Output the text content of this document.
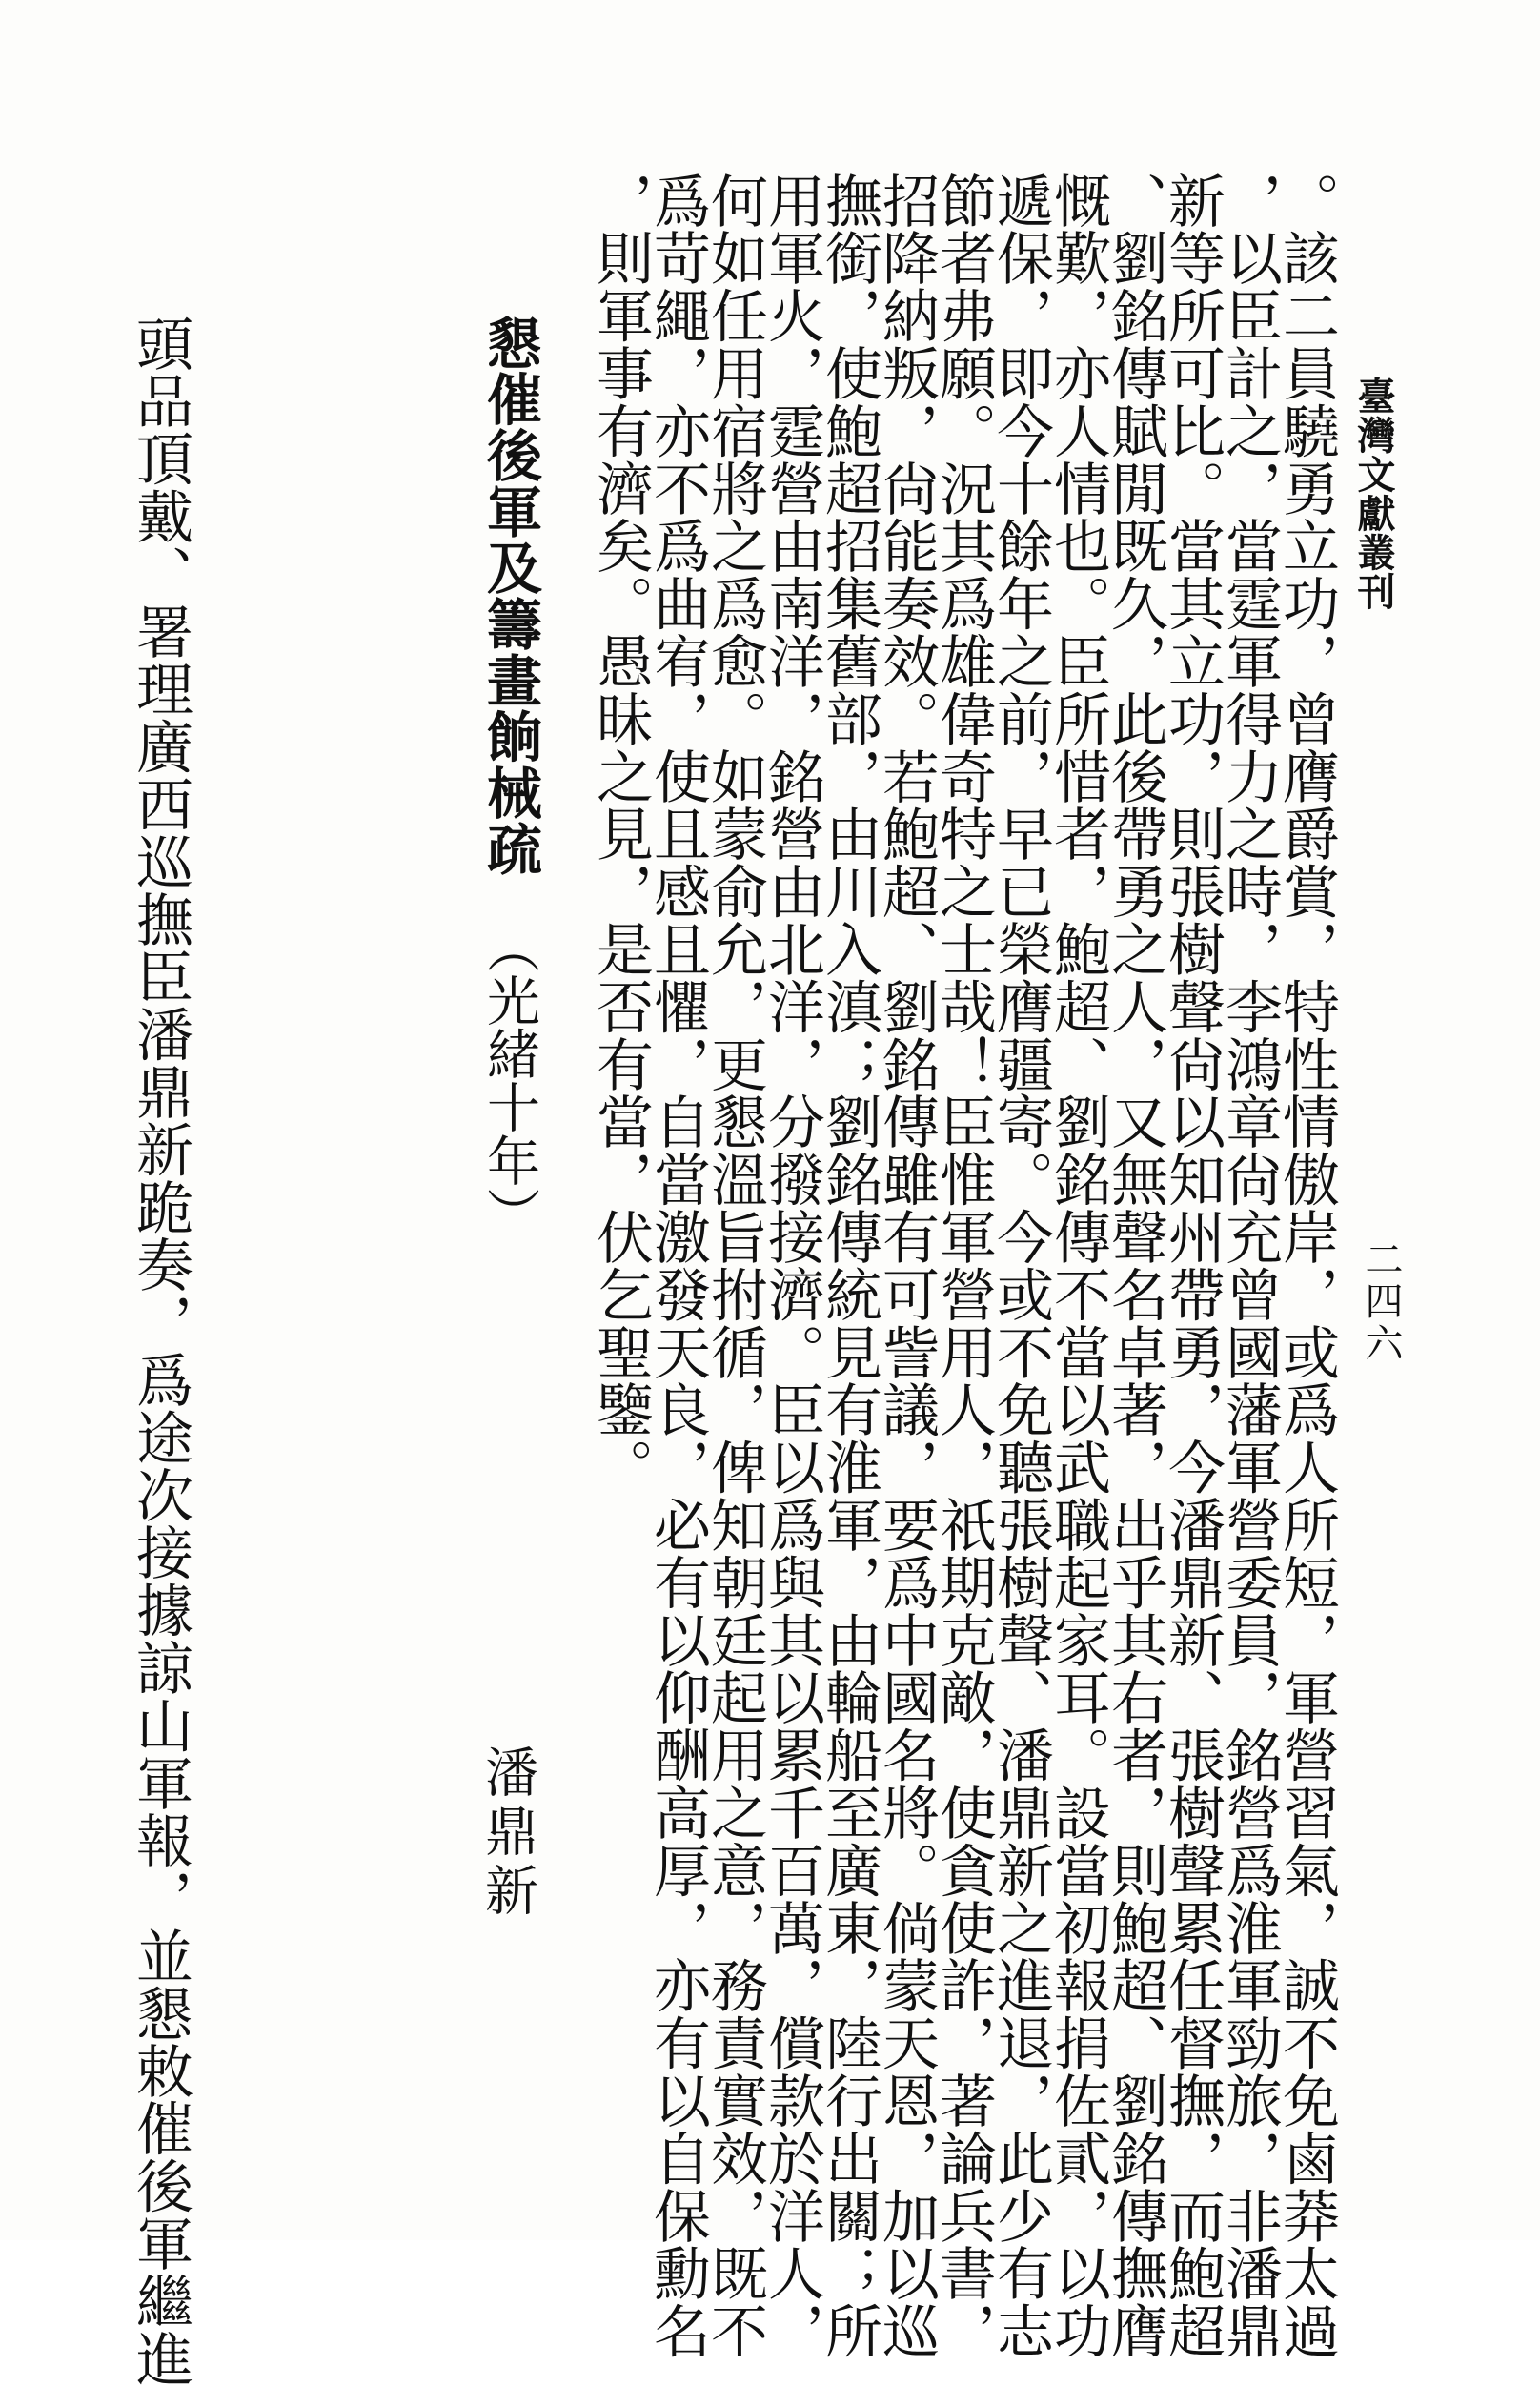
臺灣文獻叢刊
二四六
。該二員驍勇立功，曾膺爵賞，特性情傲岸，或爲人所短，軍營習氣，誠不免鹵莽太過
，以臣計之，當霆軍得力之時，李鴻章尙充曾國藩軍營委員，銘營爲淮軍勁旅，非潘鼎
新等所可比。當其立功，則張樹聲尙以知州帶勇，今潘鼎新、張樹聲累任督撫，而鮑超
、劉銘傳賦閒既久，此後帶勇之人，又無聲名卓著，出乎其右者，則鮑超、劉銘傳撫膺
慨歎，亦人情也。臣所惜者，鮑超、劉銘傳不當以武職起家耳。設當初報捐佐貳，以功
遞保，即今十餘年之前，早已榮膺疆寄。今或不免聽張樹聲、潘鼎新之進退，此少有志
節者弗願。況其爲雄偉奇特之士哉！臣惟軍營用人，祇期克敵，使貪使詐，著論兵書，
招降納叛，尙能奏效。若鮑超、劉銘傳雖有可訾議，要爲中國名將。倘蒙天恩，加以巡
撫銜，使鮑超招集舊部，由川入滇；劉銘傳統見有淮軍，由輪船至廣東，陸行出關；所
用軍火，霆營由南洋，銘營由北洋，分撥接濟。臣以爲與其以累千百萬，償款於洋人，
何如任用宿將之爲愈。如蒙俞允，更懇溫旨拊循，俾知朝廷起用之意，務責實效，既不
爲苛繩，亦不爲曲宥，使且感且懼，自當激發天良，必有以仰酬高厚，亦有以自保勳名
，則軍事有濟矣。愚昧之見，是否有當，伏乞聖鑒。
懇催後軍及籌畫餉械疏
（光緒十年）
潘鼎新
頭品頂戴、署理廣西巡撫臣潘鼎新跪奏，爲途次接據諒山軍報，並懇敕催後軍繼進
